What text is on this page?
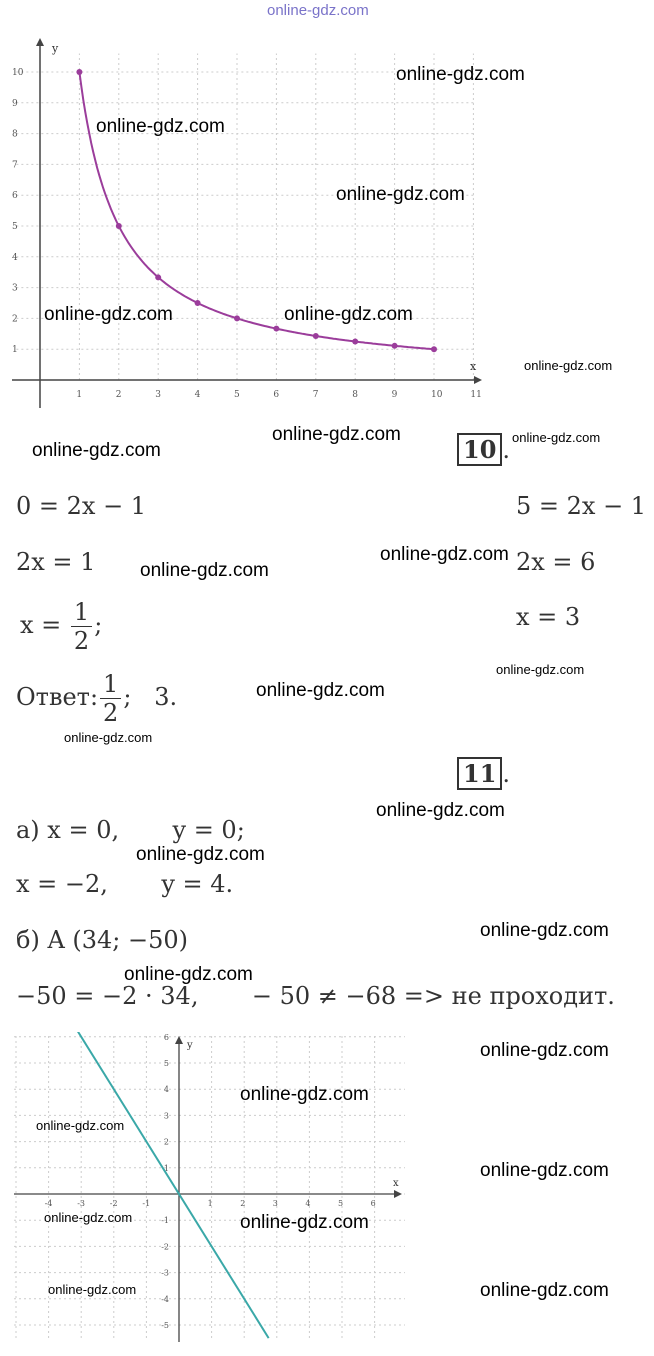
online-gdz.com
x
y
1	2	3	4	5	6	7	8	9	10	11
1
2
3
4
5
6
7
8
9
10
x
y
-4	-3	-2	-1	1	2	3	4	5	6
-5
-4
-3
-2
-1
1
2
3
4
5
6
online-gdz.com
online-gdz.com
online-gdz.com
online-gdz.com	online-gdz.com
online-gdz.com
online-gdz.com
online-gdz.com
online-gdz.com
online-gdz.com
online-gdz.com
online-gdz.com
online-gdz.com
online-gdz.com
online-gdz.com
online-gdz.com
online-gdz.com
online-gdz.com
online-gdz.com
online-gdz.com
online-gdz.com
online-gdz.com
online-gdz.com	online-gdz.com
online-gdz.com	online-gdz.com
10 .
0 = 2x − 1
2x = 1
$x = \frac{1}{2}$ ;
5 = 2x − 1
2x = 6
x = 3
Ответ: $\frac{1}{2}$ ;   3.
11 .
а) x = 0,       y = 0;
x = −2,       y = 4.
б) A (34; −50)
−50 = −2 · 34,       − 50 ≠ −68 => не проходит.
